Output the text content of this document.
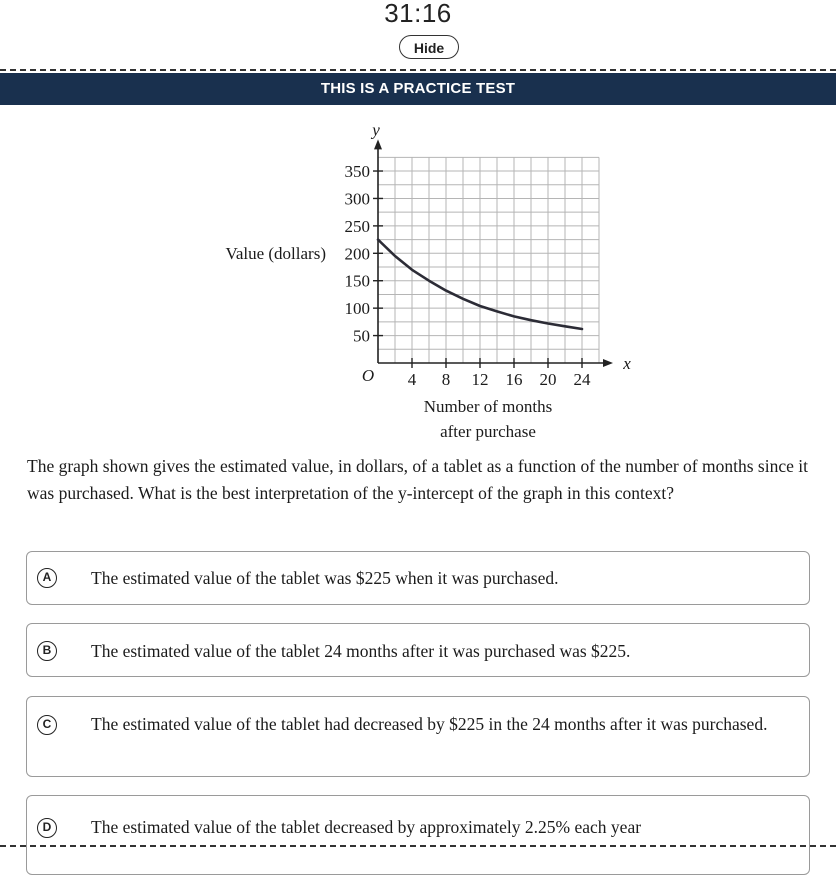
31:16
Hide
THIS IS A PRACTICE TEST
4 8 12 16 20 24
50
100
150
200
250
300
350
O
x
y
Value (dollars)
Number of months
after purchase
The graph shown gives the estimated value, in dollars, of a tablet as a function of the number of months since it was purchased. What is the best interpretation of the y-intercept of the graph in this context?
A	The estimated value of the tablet was $225 when it was purchased.
B	The estimated value of the tablet 24 months after it was purchased was $225.
C	The estimated value of the tablet had decreased by $225 in the 24 months after it was purchased.
D	The estimated value of the tablet decreased by approximately 2.25% each year
